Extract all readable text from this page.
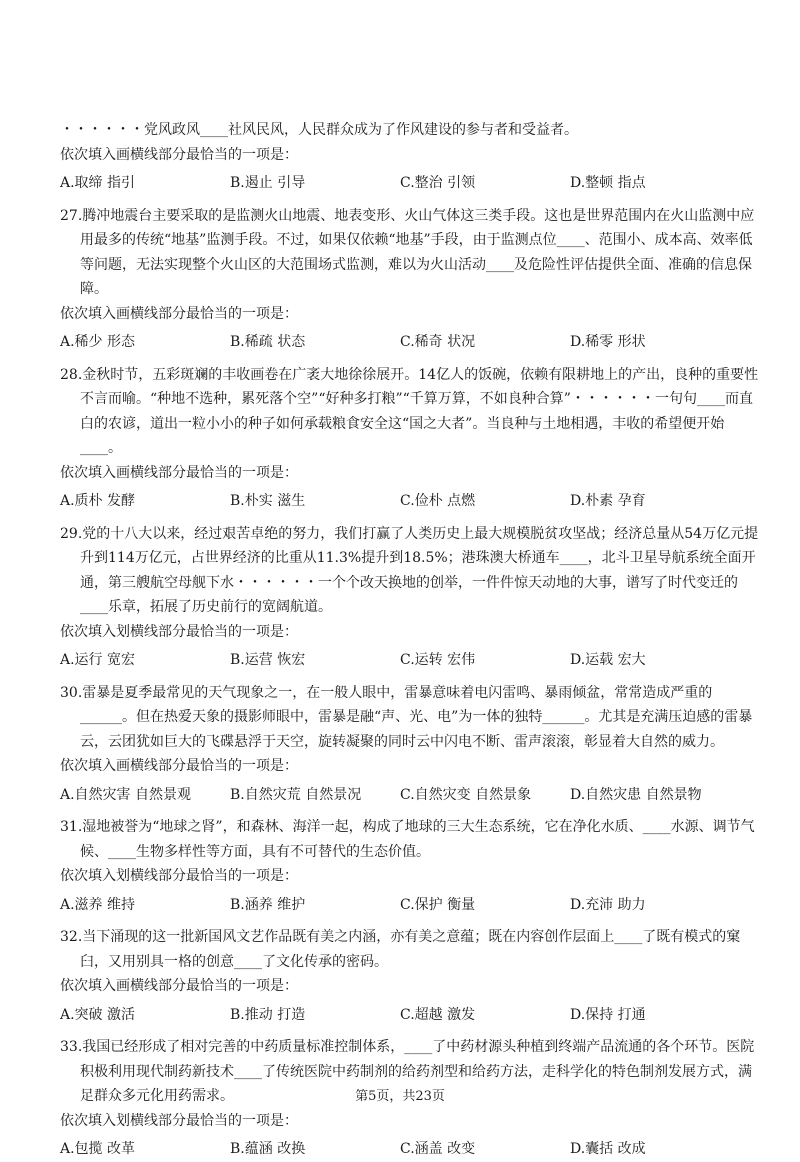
・・・・・・党风政风____社风民风，人民群众成为了作风建设的参与者和受益者。

依次填入画横线部分最恰当的一项是：

A.取缔 指引	B.遏止 引导	C.整治 引领	D.整顿 指点

27.腾冲地震台主要采取的是监测火山地震、地表变形、火山气体这三类手段。这也是世界范围内在火山监测中应用最多的传统“地基”监测手段。不过，如果仅依赖“地基”手段，由于监测点位____、范围小、成本高、效率低等问题，无法实现整个火山区的大范围场式监测，难以为火山活动____及危险性评估提供全面、准确的信息保障。

依次填入画横线部分最恰当的一项是：

A.稀少 形态	B.稀疏 状态	C.稀奇 状况	D.稀零 形状

28.金秋时节，五彩斑斓的丰收画卷在广袤大地徐徐展开。14亿人的饭碗，依赖有限耕地上的产出，良种的重要性不言而喻。“种地不选种，累死落个空”“好种多打粮”“千算万算，不如良种合算”・・・・・・一句句____而直白的农谚，道出一粒小小的种子如何承载粮食安全这“国之大者”。当良种与土地相遇，丰收的希望便开始____。

依次填入画横线部分最恰当的一项是：

A.质朴 发酵	B.朴实 滋生	C.俭朴 点燃	D.朴素 孕育

29.党的十八大以来，经过艰苦卓绝的努力，我们打赢了人类历史上最大规模脱贫攻坚战；经济总量从54万亿元提升到114万亿元，占世界经济的比重从11.3%提升到18.5%；港珠澳大桥通车____，北斗卫星导航系统全面开通，第三艘航空母舰下水・・・・・・一个个改天换地的创举，一件件惊天动地的大事，谱写了时代变迁的____乐章，拓展了历史前行的宽阔航道。

依次填入划横线部分最恰当的一项是：

A.运行 宽宏	B.运营 恢宏	C.运转 宏伟	D.运载 宏大

30.雷暴是夏季最常见的天气现象之一，在一般人眼中，雷暴意味着电闪雷鸣、暴雨倾盆，常常造成严重的______。但在热爱天象的摄影师眼中，雷暴是融“声、光、电”为一体的独特______。尤其是充满压迫感的雷暴云，云团犹如巨大的飞碟悬浮于天空，旋转凝聚的同时云中闪电不断、雷声滚滚，彰显着大自然的威力。

依次填入画横线部分最恰当的一项是：

A.自然灾害 自然景观	B.自然灾荒 自然景况	C.自然灾变 自然景象	D.自然灾患 自然景物

31.湿地被誉为“地球之肾”，和森林、海洋一起，构成了地球的三大生态系统，它在净化水质、____水源、调节气候、____生物多样性等方面，具有不可替代的生态价值。

依次填入划横线部分最恰当的一项是：

A.滋养 维持	B.涵养 维护	C.保护 衡量	D.充沛 助力

32.当下涌现的这一批新国风文艺作品既有美之内涵，亦有美之意蕴；既在内容创作层面上____了既有模式的窠臼，又用别具一格的创意____了文化传承的密码。

依次填入画横线部分最恰当的一项是：

A.突破 激活	B.推动 打造	C.超越 激发	D.保持 打通

33.我国已经形成了相对完善的中药质量标准控制体系，____了中药材源头种植到终端产品流通的各个环节。医院积极利用现代制药新技术____了传统医院中药制剂的给药剂型和给药方法，走科学化的特色制剂发展方式，满足群众多元化用药需求。

依次填入划横线部分最恰当的一项是：

A.包揽 改革	B.蕴涵 改换	C.涵盖 改变	D.囊括 改成
第5页，共23页
